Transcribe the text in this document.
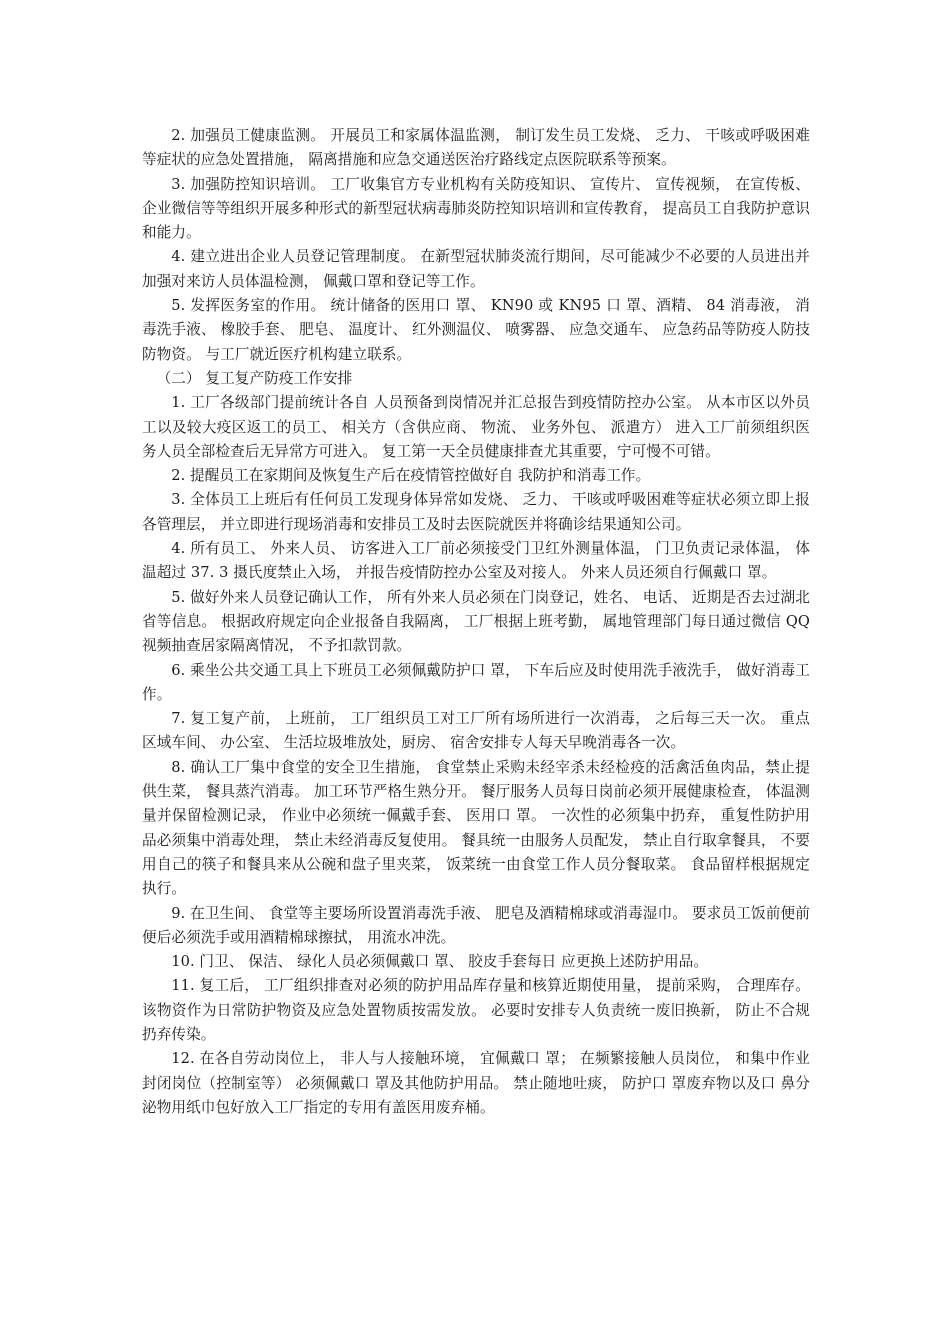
2. 加强员工健康监测。 开展员工和家属体温监测， 制订发生员工发烧、 乏力、 干咳或呼吸困难等症状的应急处置措施， 隔离措施和应急交通送医治疗路线定点医院联系等预案。

3. 加强防控知识培训。 工厂收集官方专业机构有关防疫知识、 宣传片、 宣传视频， 在宣传板、 企业微信等等组织开展多种形式的新型冠状病毒肺炎防控知识培训和宣传教育， 提高员工自我防护意识和能力。

4. 建立进出企业人员登记管理制度。 在新型冠状肺炎流行期间，尽可能减少不必要的人员进出并加强对来访人员体温检测， 佩戴口罩和登记等工作。

5. 发挥医务室的作用。 统计储备的医用口 罩、 KN90 或 KN95 口 罩、酒精、 84 消毒液， 消毒洗手液、 橡胶手套、 肥皂、 温度计、 红外测温仪、 喷雾器、 应急交通车、 应急药品等防疫人防技防物资。 与工厂就近医疗机构建立联系。

（二） 复工复产防疫工作安排

1. 工厂各级部门提前统计各自 人员预备到岗情况并汇总报告到疫情防控办公室。 从本市区以外员工以及较大疫区返工的员工、 相关方（含供应商、 物流、 业务外包、 派遣方） 进入工厂前须组织医务人员全部检查后无异常方可进入。 复工第一天全员健康排查尤其重要，宁可慢不可错。

2. 提醒员工在家期间及恢复生产后在疫情管控做好自 我防护和消毒工作。

3. 全体员工上班后有任何员工发现身体异常如发烧、 乏力、 干咳或呼吸困难等症状必须立即上报各管理层， 并立即进行现场消毒和安排员工及时去医院就医并将确诊结果通知公司。

4. 所有员工、 外来人员、 访客进入工厂前必须接受门卫红外测量体温， 门卫负责记录体温， 体温超过 37. 3 摄氏度禁止入场， 并报告疫情防控办公室及对接人。 外来人员还须自行佩戴口 罩。

5. 做好外来人员登记确认工作， 所有外来人员必须在门岗登记，姓名、 电话、 近期是否去过湖北省等信息。 根据政府规定向企业报备自我隔离， 工厂根据上班考勤， 属地管理部门每日通过微信 QQ 视频抽查居家隔离情况， 不予扣款罚款。

6. 乘坐公共交通工具上下班员工必须佩戴防护口 罩， 下车后应及时使用洗手液洗手， 做好消毒工作。

7. 复工复产前， 上班前， 工厂组织员工对工厂所有场所进行一次消毒， 之后每三天一次。 重点区域车间、 办公室、 生活垃圾堆放处，厨房、 宿舍安排专人每天早晚消毒各一次。

8. 确认工厂集中食堂的安全卫生措施， 食堂禁止采购未经宰杀未经检疫的活禽活鱼肉品，禁止提供生菜， 餐具蒸汽消毒。 加工环节严格生熟分开。 餐厅服务人员每日岗前必须开展健康检查， 体温测量并保留检测记录， 作业中必须统一佩戴手套、 医用口 罩。 一次性的必须集中扔弃， 重复性防护用品必须集中消毒处理， 禁止未经消毒反复使用。 餐具统一由服务人员配发， 禁止自行取拿餐具， 不要用自己的筷子和餐具来从公碗和盘子里夹菜， 饭菜统一由食堂工作人员分餐取菜。 食品留样根据规定执行。

9. 在卫生间、 食堂等主要场所设置消毒洗手液、 肥皂及酒精棉球或消毒湿巾。 要求员工饭前便前便后必须洗手或用酒精棉球擦拭， 用流水冲洗。

10. 门卫、 保洁、 绿化人员必须佩戴口 罩、 胶皮手套每日 应更换上述防护用品。

11. 复工后， 工厂组织排查对必须的防护用品库存量和核算近期使用量， 提前采购， 合理库存。 该物资作为日常防护物资及应急处置物质按需发放。 必要时安排专人负责统一废旧换新， 防止不合规扔弃传染。

12. 在各自劳动岗位上， 非人与人接触环境， 宜佩戴口 罩； 在频繁接触人员岗位， 和集中作业封闭岗位（控制室等） 必须佩戴口 罩及其他防护用品。 禁止随地吐痰， 防护口 罩废弃物以及口 鼻分泌物用纸巾包好放入工厂指定的专用有盖医用废弃桶。
